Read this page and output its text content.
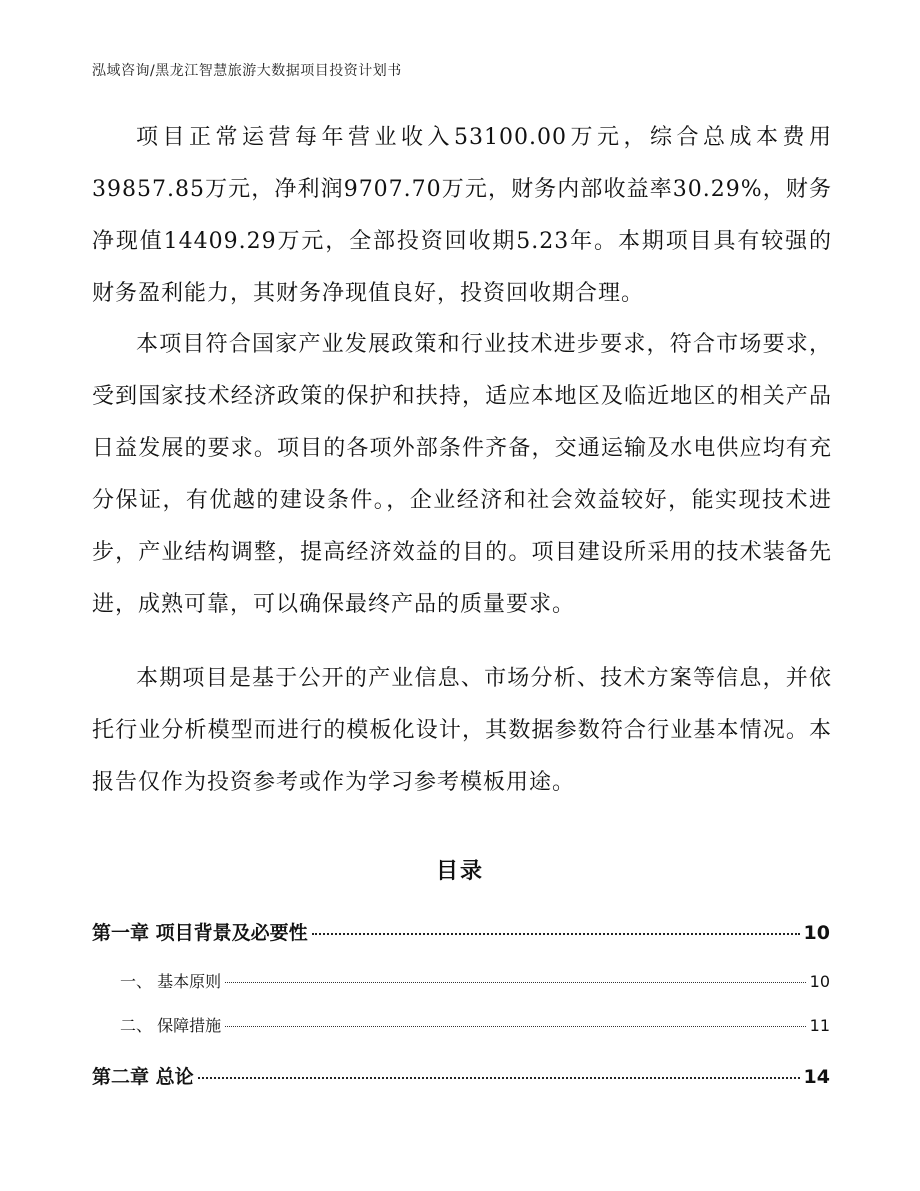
泓域咨询/黑龙江智慧旅游大数据项目投资计划书

项目正常运营每年营业收入53100.00万元，综合总成本费用39857.85万元，净利润9707.70万元，财务内部收益率30.29%，财务净现值14409.29万元，全部投资回收期5.23年。本期项目具有较强的财务盈利能力，其财务净现值良好，投资回收期合理。

本项目符合国家产业发展政策和行业技术进步要求，符合市场要求，受到国家技术经济政策的保护和扶持，适应本地区及临近地区的相关产品日益发展的要求。项目的各项外部条件齐备，交通运输及水电供应均有充分保证，有优越的建设条件。，企业经济和社会效益较好，能实现技术进步，产业结构调整，提高经济效益的目的。项目建设所采用的技术装备先进，成熟可靠，可以确保最终产品的质量要求。

本期项目是基于公开的产业信息、市场分析、技术方案等信息，并依托行业分析模型而进行的模板化设计，其数据参数符合行业基本情况。本报告仅作为投资参考或作为学习参考模板用途。

目录
第一章 项目背景及必要性	10
一、 基本原则	10
二、 保障措施	11
第二章 总论	14
